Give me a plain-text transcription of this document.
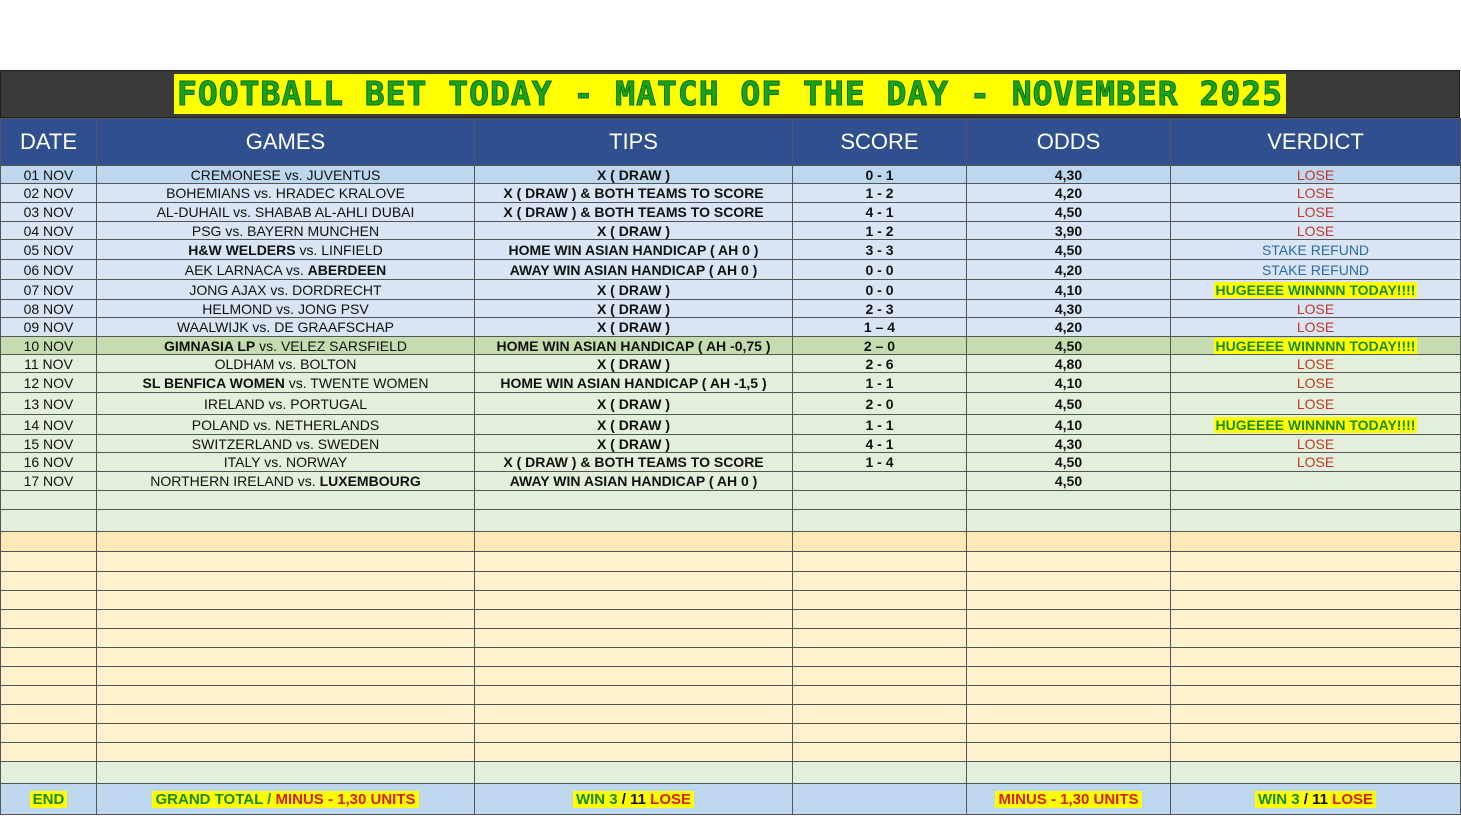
FOOTBALL BET TODAY - MATCH OF THE DAY - NOVEMBER 2025
DATE	GAMES	TIPS	SCORE	ODDS	VERDICT
01 NOV	CREMONESE vs. JUVENTUS	X ( DRAW )	0 - 1	4,30	LOSE
02 NOV	BOHEMIANS vs. HRADEC KRALOVE	X ( DRAW ) & BOTH TEAMS TO SCORE	1 - 2	4,20	LOSE
03 NOV	AL-DUHAIL vs. SHABAB AL-AHLI DUBAI	X ( DRAW ) & BOTH TEAMS TO SCORE	4 - 1	4,50	LOSE
04 NOV	PSG vs. BAYERN MUNCHEN	X ( DRAW )	1 - 2	3,90	LOSE
05 NOV	H&W WELDERS vs. LINFIELD	HOME WIN ASIAN HANDICAP ( AH 0 )	3 - 3	4,50	STAKE REFUND
06 NOV	AEK LARNACA vs. ABERDEEN	AWAY WIN ASIAN HANDICAP ( AH 0 )	0 - 0	4,20	STAKE REFUND
07 NOV	JONG AJAX vs. DORDRECHT	X ( DRAW )	0 - 0	4,10	HUGEEEE WINNNN TODAY!!!!
08 NOV	HELMOND vs. JONG PSV	X ( DRAW )	2 - 3	4,30	LOSE
09 NOV	WAALWIJK vs. DE GRAAFSCHAP	X ( DRAW )	1 – 4	4,20	LOSE
10 NOV	GIMNASIA LP vs. VELEZ SARSFIELD	HOME WIN ASIAN HANDICAP ( AH -0,75 )	2 – 0	4,50	HUGEEEE WINNNN TODAY!!!!
11 NOV	OLDHAM vs. BOLTON	X ( DRAW )	2 - 6	4,80	LOSE
12 NOV	SL BENFICA WOMEN vs. TWENTE WOMEN	HOME WIN ASIAN HANDICAP ( AH -1,5 )	1 - 1	4,10	LOSE
13 NOV	IRELAND vs. PORTUGAL	X ( DRAW )	2 - 0	4,50	LOSE
14 NOV	POLAND vs. NETHERLANDS	X ( DRAW )	1 - 1	4,10	HUGEEEE WINNNN TODAY!!!!
15 NOV	SWITZERLAND vs. SWEDEN	X ( DRAW )	4 - 1	4,30	LOSE
16 NOV	ITALY vs. NORWAY	X ( DRAW ) & BOTH TEAMS TO SCORE	1 - 4	4,50	LOSE
17 NOV	NORTHERN IRELAND vs. LUXEMBOURG	AWAY WIN ASIAN HANDICAP ( AH 0 )		4,50	

END	GRAND TOTAL / MINUS - 1,30 UNITS	WIN 3 / 11 LOSE		MINUS - 1,30 UNITS	WIN 3 / 11 LOSE
